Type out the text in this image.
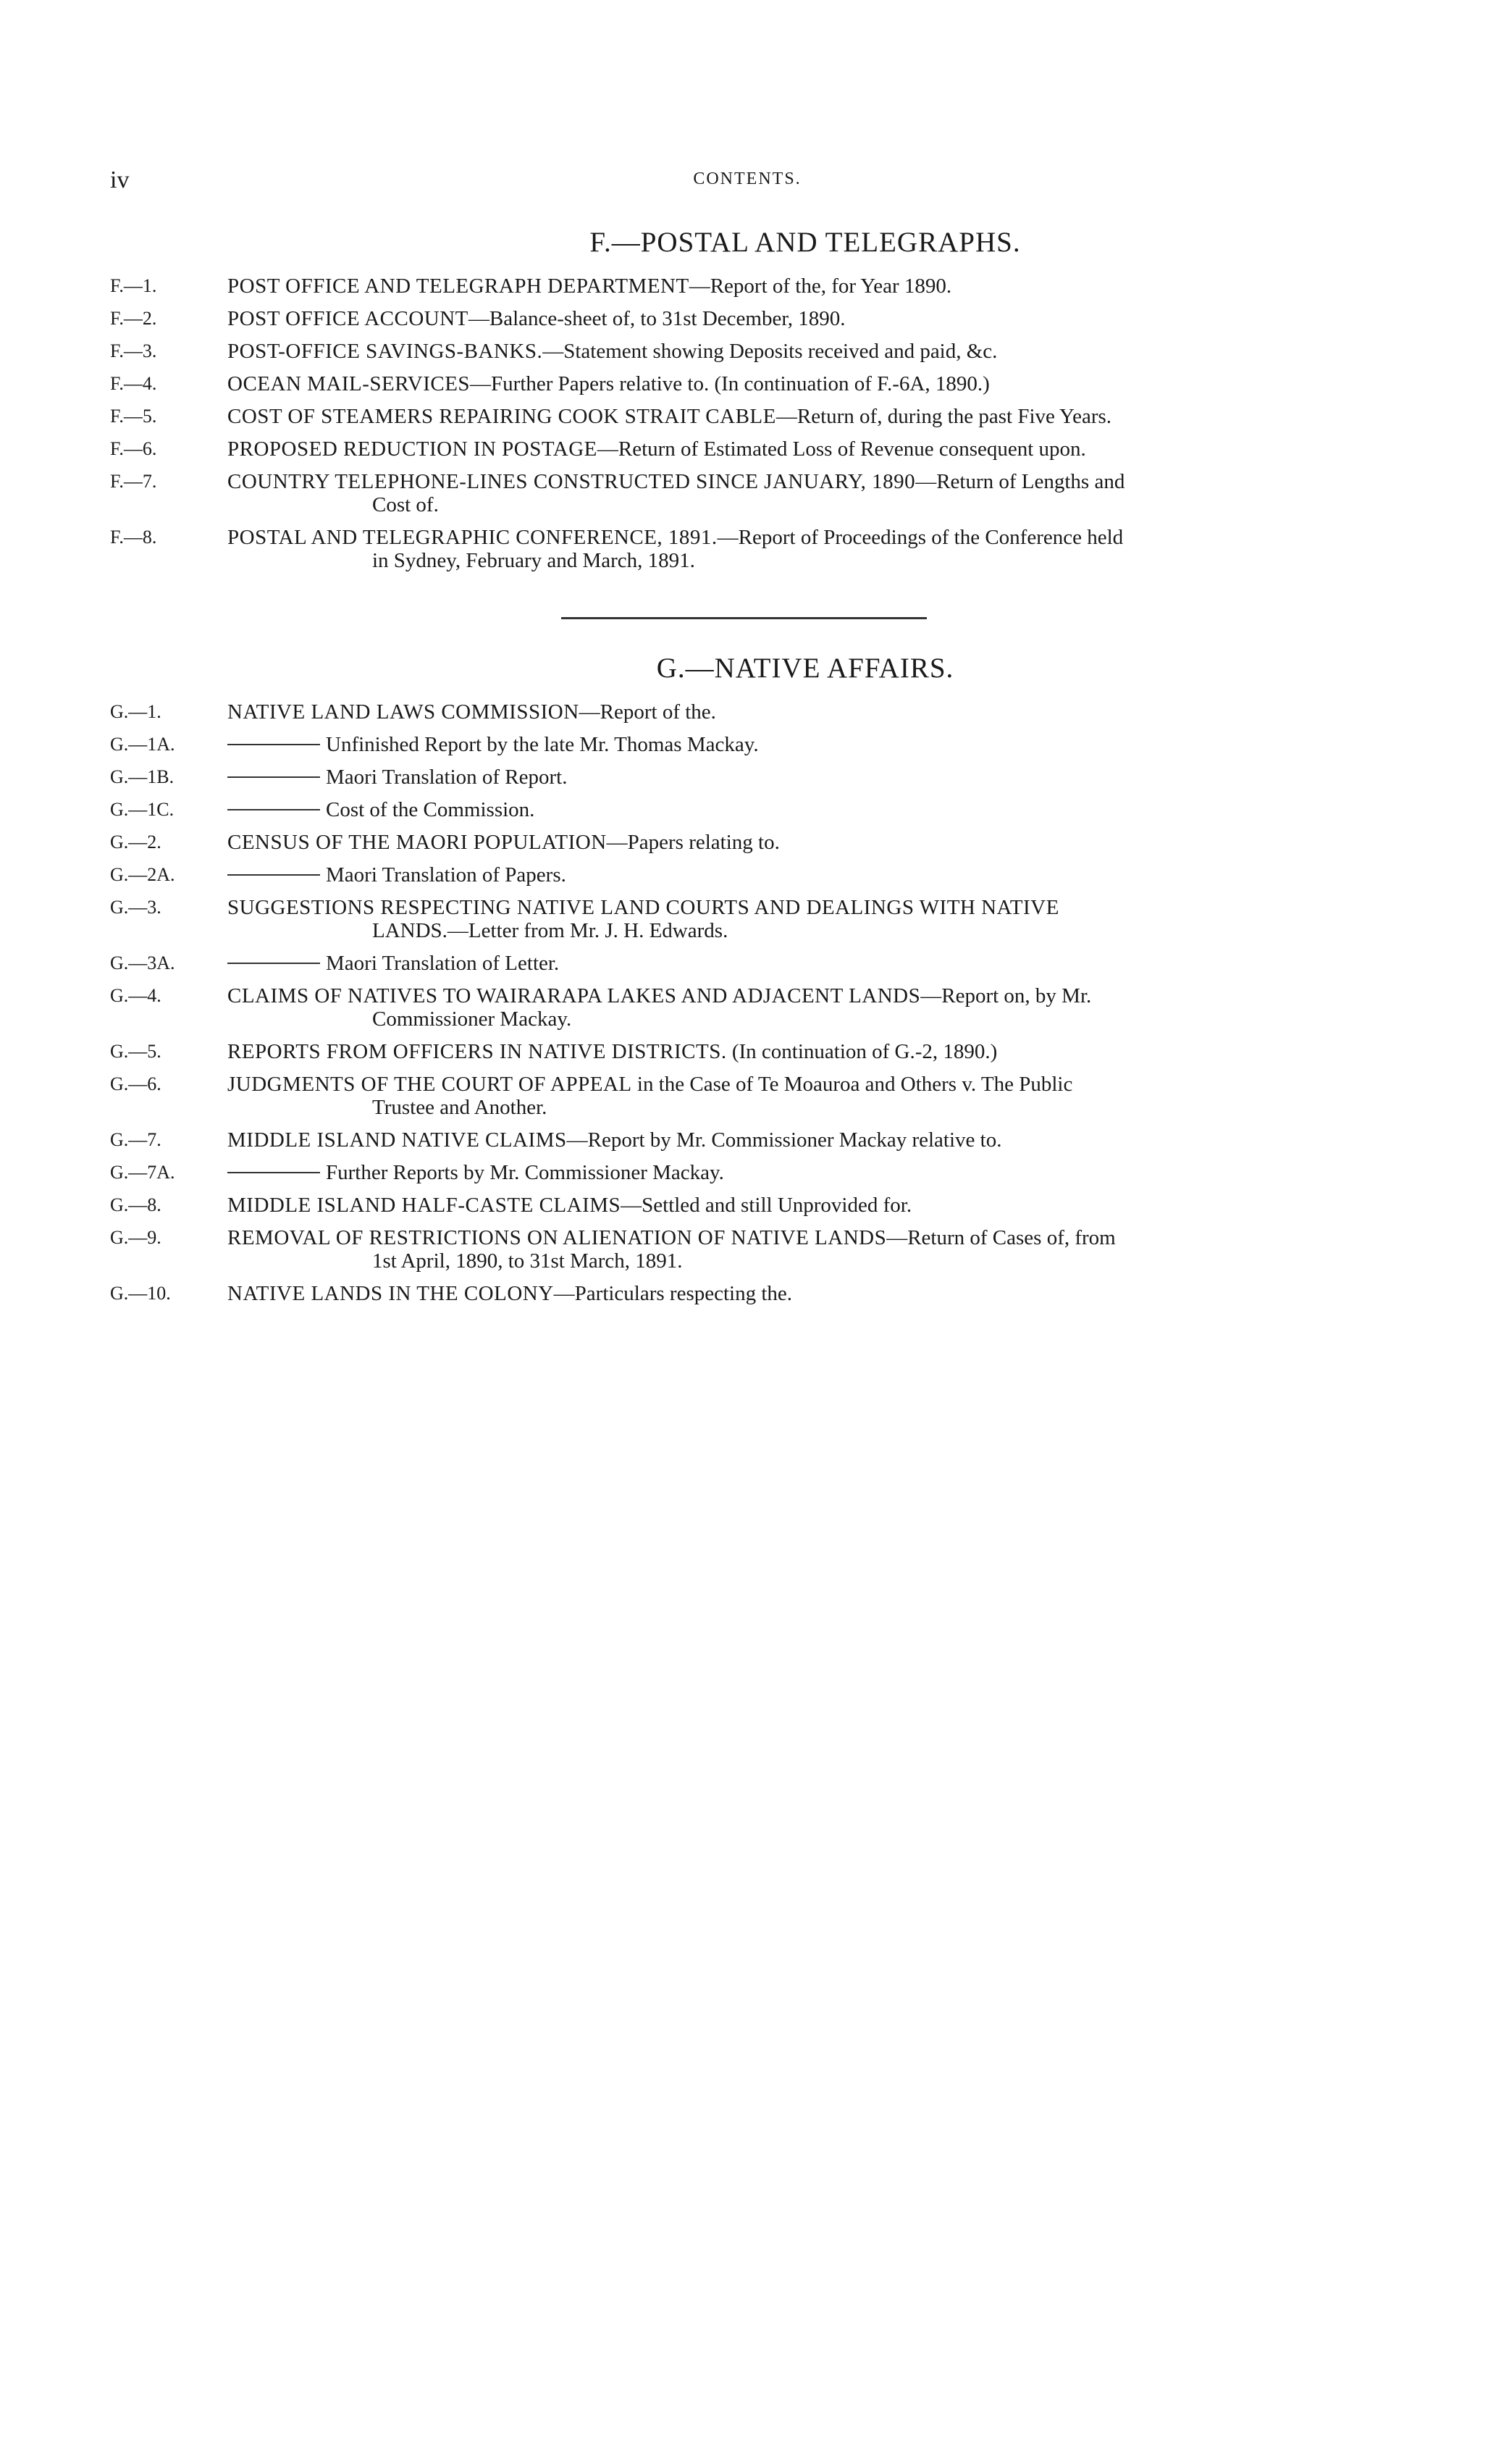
iv	CONTENTS.
F.—POSTAL AND TELEGRAPHS.
F.—1.	POST OFFICE AND TELEGRAPH DEPARTMENT—Report of the, for Year 1890.
F.—2.	POST OFFICE ACCOUNT—Balance-sheet of, to 31st December, 1890.
F.—3.	POST-OFFICE SAVINGS-BANKS.—Statement showing Deposits received and paid, &c.
F.—4.	OCEAN MAIL-SERVICES—Further Papers relative to. (In continuation of F.-6A, 1890.)
F.—5.	COST OF STEAMERS REPAIRING COOK STRAIT CABLE—Return of, during the past Five Years.
F.—6.	PROPOSED REDUCTION IN POSTAGE—Return of Estimated Loss of Revenue consequent upon.
F.—7.	COUNTRY TELEPHONE-LINES CONSTRUCTED SINCE JANUARY, 1890—Return of Lengths and
Cost of.
F.—8.	POSTAL AND TELEGRAPHIC CONFERENCE, 1891.—Report of Proceedings of the Conference held
in Sydney, February and March, 1891.
G.—NATIVE AFFAIRS.
G.—1.	NATIVE LAND LAWS COMMISSION—Report of the.
G.—1A.	Unfinished Report by the late Mr. Thomas Mackay.
G.—1B.	Maori Translation of Report.
G.—1C.	Cost of the Commission.
G.—2.	CENSUS OF THE MAORI POPULATION—Papers relating to.
G.—2A.	Maori Translation of Papers.
G.—3.	SUGGESTIONS RESPECTING NATIVE LAND COURTS AND DEALINGS WITH NATIVE
LANDS.—Letter from Mr. J. H. Edwards.
G.—3A.	Maori Translation of Letter.
G.—4.	CLAIMS OF NATIVES TO WAIRARAPA LAKES AND ADJACENT LANDS—Report on, by Mr.
Commissioner Mackay.
G.—5.	REPORTS FROM OFFICERS IN NATIVE DISTRICTS. (In continuation of G.-2, 1890.)
G.—6.	JUDGMENTS OF THE COURT OF APPEAL in the Case of Te Moauroa and Others v. The Public
Trustee and Another.
G.—7.	MIDDLE ISLAND NATIVE CLAIMS—Report by Mr. Commissioner Mackay relative to.
G.—7A.	Further Reports by Mr. Commissioner Mackay.
G.—8.	MIDDLE ISLAND HALF-CASTE CLAIMS—Settled and still Unprovided for.
G.—9.	REMOVAL OF RESTRICTIONS ON ALIENATION OF NATIVE LANDS—Return of Cases of, from
1st April, 1890, to 31st March, 1891.
G.—10.	NATIVE LANDS IN THE COLONY—Particulars respecting the.
